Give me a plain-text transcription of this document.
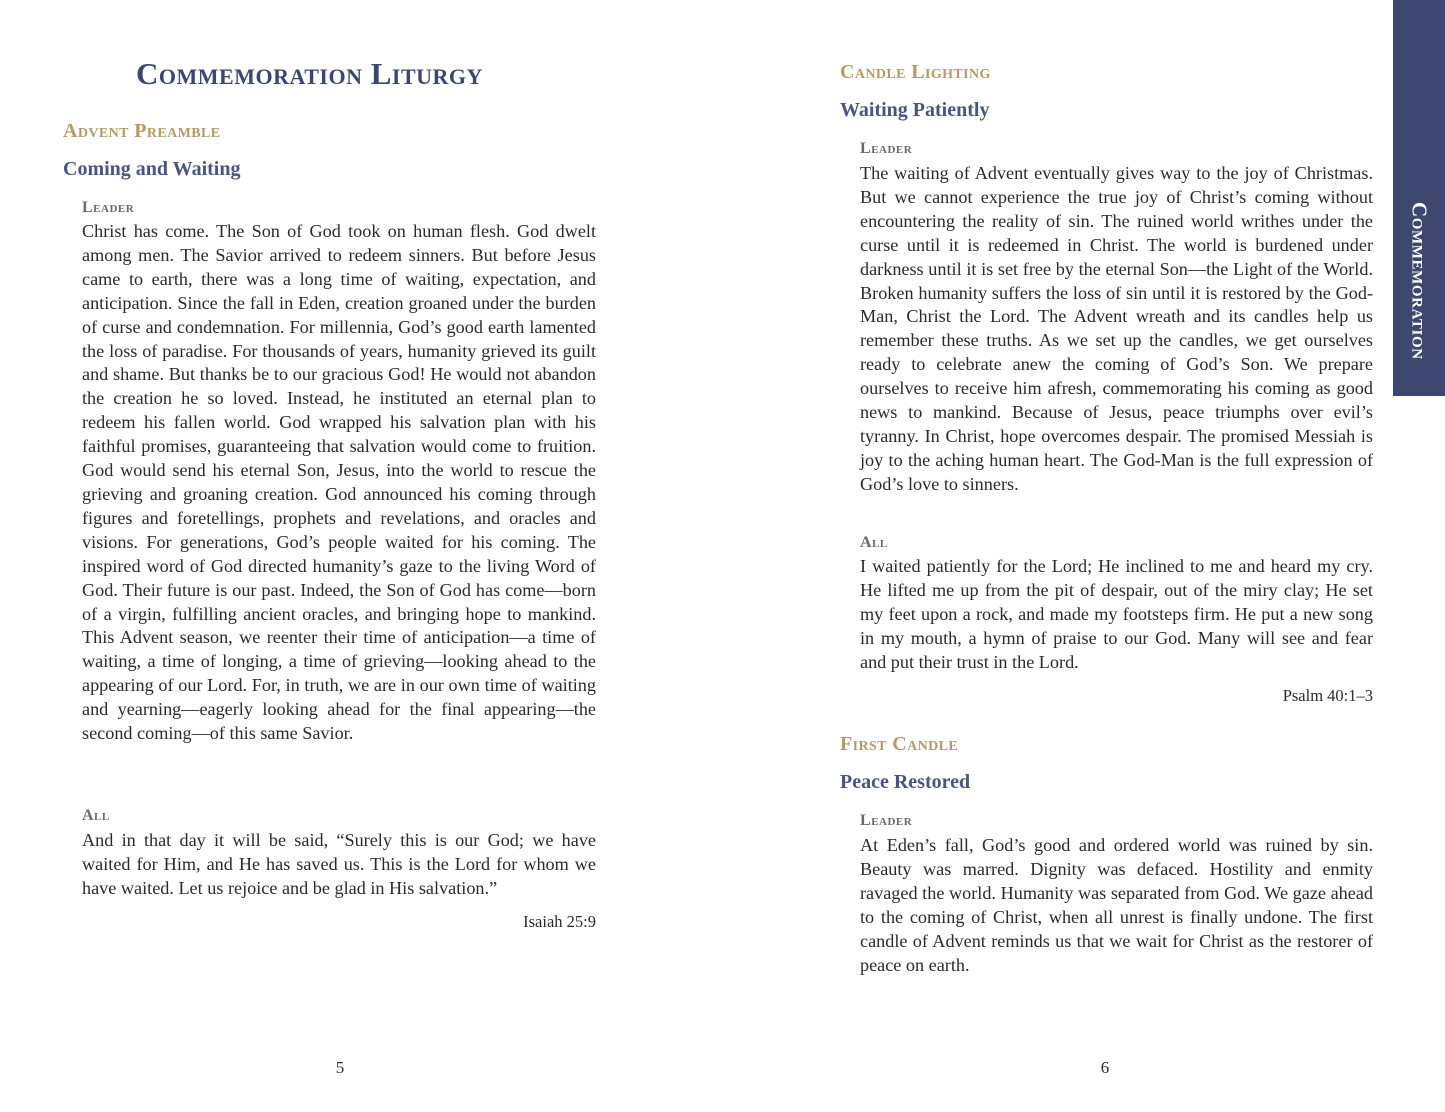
Commemoration Liturgy
Advent Preamble
Coming and Waiting
Leader

Christ has come. The Son of God took on human flesh. God dwelt among men. The Savior arrived to redeem sinners. But before Jesus came to earth, there was a long time of waiting, expectation, and anticipation. Since the fall in Eden, creation groaned under the burden of curse and condemnation. For millennia, God’s good earth lamented the loss of paradise. For thousands of years, humanity grieved its guilt and shame. But thanks be to our gracious God! He would not abandon the creation he so loved. Instead, he instituted an eternal plan to redeem his fallen world. God wrapped his salvation plan with his faithful promises, guaranteeing that salvation would come to fruition. God would send his eternal Son, Jesus, into the world to rescue the grieving and groaning creation. God announced his coming through figures and foretellings, prophets and revelations, and oracles and visions. For generations, God’s people waited for his coming. The inspired word of God directed humanity’s gaze to the living Word of God. Their future is our past. Indeed, the Son of God has come—born of a virgin, fulfilling ancient oracles, and bringing hope to mankind. This Advent season, we reenter their time of anticipation—a time of waiting, a time of longing, a time of grieving—looking ahead to the appearing of our Lord. For, in truth, we are in our own time of waiting and yearning—eagerly looking ahead for the final appearing—the second coming—of this same Savior.

All

And in that day it will be said, “Surely this is our God; we have waited for Him, and He has saved us. This is the Lord for whom we have waited. Let us rejoice and be glad in His salvation.”

Isaiah 25:9
5
Candle Lighting
Waiting Patiently
Leader

The waiting of Advent eventually gives way to the joy of Christmas. But we cannot experience the true joy of Christ’s coming without encountering the reality of sin. The ruined world writhes under the curse until it is redeemed in Christ. The world is burdened under darkness until it is set free by the eternal Son—the Light of the World. Broken humanity suffers the loss of sin until it is restored by the God-Man, Christ the Lord. The Advent wreath and its candles help us remember these truths. As we set up the candles, we get ourselves ready to celebrate anew the coming of God’s Son. We prepare ourselves to receive him afresh, commemorating his coming as good news to mankind. Because of Jesus, peace triumphs over evil’s tyranny. In Christ, hope overcomes despair. The promised Messiah is joy to the aching human heart. The God-Man is the full expression of God’s love to sinners.

All

I waited patiently for the Lord; He inclined to me and heard my cry. He lifted me up from the pit of despair, out of the miry clay; He set my feet upon a rock, and made my footsteps firm. He put a new song in my mouth, a hymn of praise to our God. Many will see and fear and put their trust in the Lord.

Psalm 40:1–3
First Candle
Peace Restored
Leader

At Eden’s fall, God’s good and ordered world was ruined by sin. Beauty was marred. Dignity was defaced. Hostility and enmity ravaged the world. Humanity was separated from God. We gaze ahead to the coming of Christ, when all unrest is finally undone. The first candle of Advent reminds us that we wait for Christ as the restorer of peace on earth.

6
Commemoration
